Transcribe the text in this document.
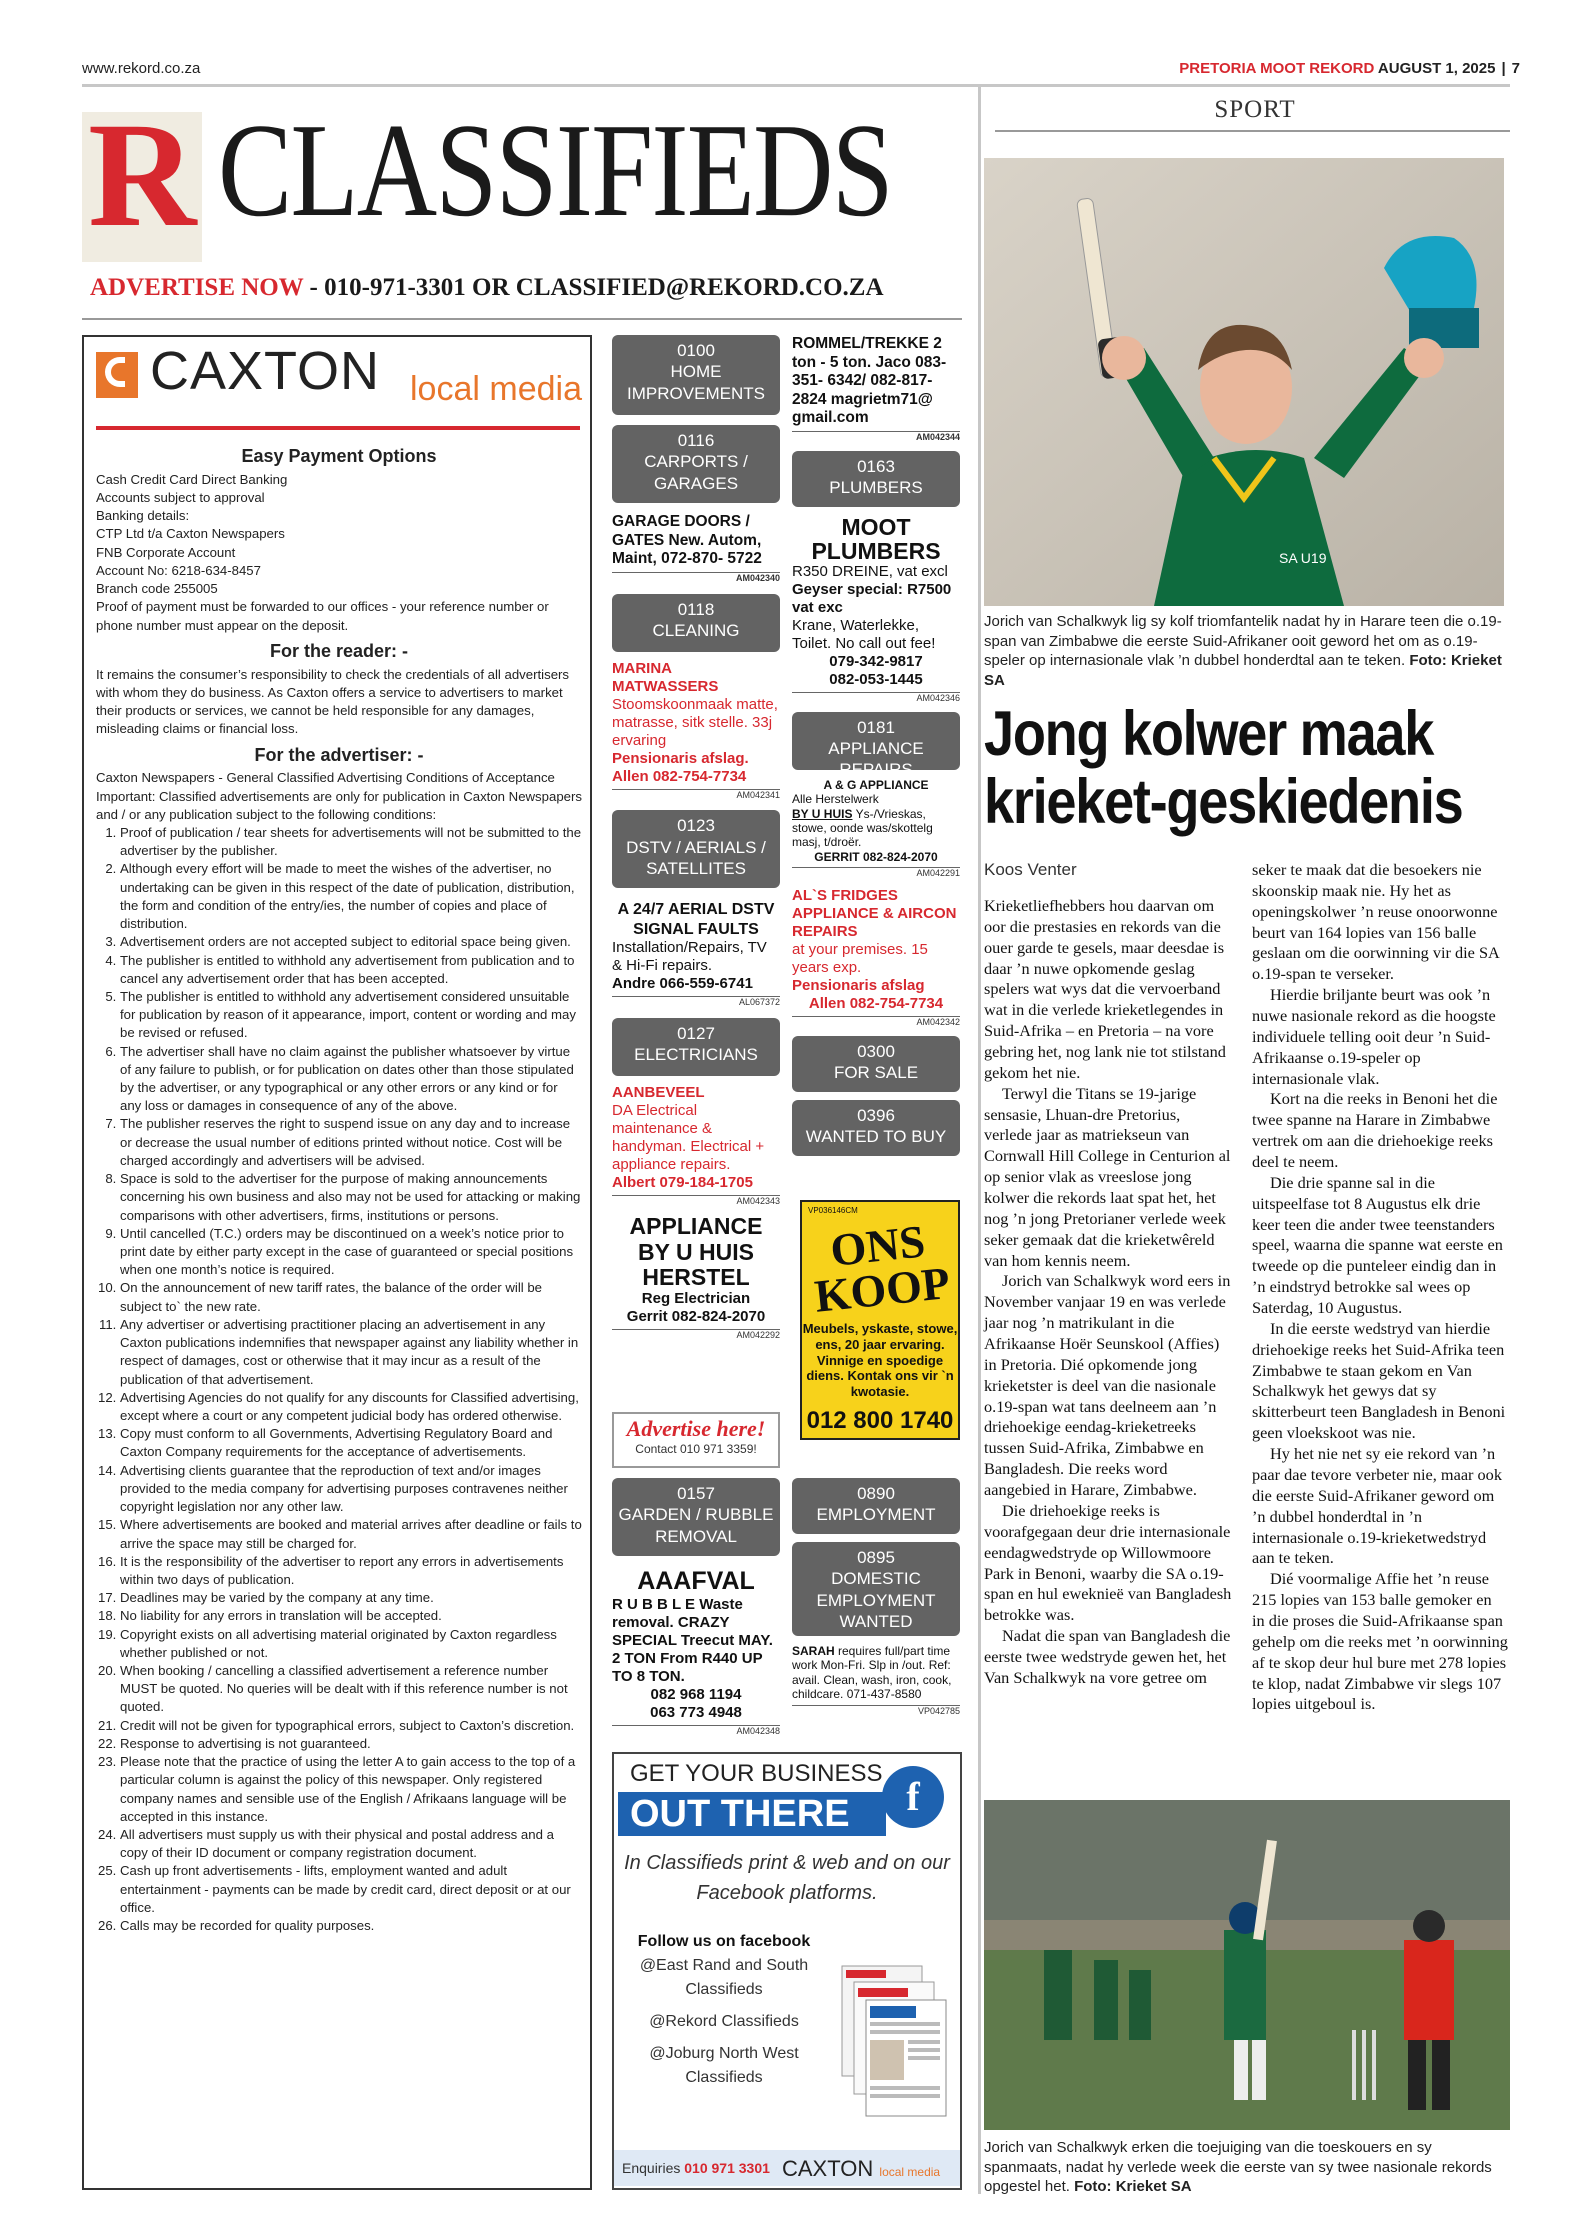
www.rekord.co.za	PRETORIA MOOT REKORD AUGUST 1, 2025 | 7
R CLASSIFIEDS
ADVERTISE NOW - 010-971-3301 OR CLASSIFIED@REKORD.CO.ZA
CAXTON local media
Easy Payment Options
Cash Credit Card Direct Banking
Accounts subject to approval
Banking details:
CTP Ltd t/a Caxton Newspapers
FNB Corporate Account
Account No: 6218-634-8457
Branch code 255005
Proof of payment must be forwarded to our offices - your reference number or phone number must appear on the deposit.
For the reader: -

It remains the consumer’s responsibility to check the credentials of all advertisers with whom they do business. As Caxton offers a service to advertisers to market their products or services, we cannot be held responsible for any damages, misleading claims or financial loss.

For the advertiser: -

Caxton Newspapers - General Classified Advertising Conditions of Acceptance Important: Classified advertisements are only for publication in Caxton Newspapers and / or any publication subject to the following conditions:

1. Proof of publication / tear sheets for advertisements will not be submitted to the advertiser by the publisher.
2. Although every effort will be made to meet the wishes of the advertiser, no undertaking can be given in this respect of the date of publication, distribution, the form and condition of the entry/ies, the number of copies and place of distribution.
3. Advertisement orders are not accepted subject to editorial space being given.
4. The publisher is entitled to withhold any advertisement from publication and to cancel any advertisement order that has been accepted.
5. The publisher is entitled to withhold any advertisement considered unsuitable for publication by reason of it appearance, import, content or wording and may be revised or refused.
6. The advertiser shall have no claim against the publisher whatsoever by virtue of any failure to publish, or for publication on dates other than those stipulated by the advertiser, or any typographical or any other errors or any kind or for any loss or damages in consequence of any of the above.
7. The publisher reserves the right to suspend issue on any day and to increase or decrease the usual number of editions printed without notice. Cost will be charged accordingly and advertisers will be advised.
8. Space is sold to the advertiser for the purpose of making announcements concerning his own business and also may not be used for attacking or making comparisons with other advertisers, firms, institutions or persons.
9. Until cancelled (T.C.) orders may be discontinued on a week’s notice prior to print date by either party except in the case of guaranteed or special positions when one month’s notice is required.
10. On the announcement of new tariff rates, the balance of the order will be subject to` the new rate.
11. Any advertiser or advertising practitioner placing an advertisement in any Caxton publications indemnifies that newspaper against any liability whether in respect of damages, cost or otherwise that it may incur as a result of the publication of that advertisement.
12. Advertising Agencies do not qualify for any discounts for Classified advertising, except where a court or any competent judicial body has ordered otherwise.
13. Copy must conform to all Governments, Advertising Regulatory Board and Caxton Company requirements for the acceptance of advertisements.
14. Advertising clients guarantee that the reproduction of text and/or images provided to the media company for advertising purposes contravenes neither copyright legislation nor any other law.
15. Where advertisements are booked and material arrives after deadline or fails to arrive the space may still be charged for.
16. It is the responsibility of the advertiser to report any errors in advertisements within two days of publication.
17. Deadlines may be varied by the company at any time.
18. No liability for any errors in translation will be accepted.
19. Copyright exists on all advertising material originated by Caxton regardless whether published or not.
20. When booking / cancelling a classified advertisement a reference number MUST be quoted. No queries will be dealt with if this reference number is not quoted.
21. Credit will not be given for typographical errors, subject to Caxton’s discretion.
22. Response to advertising is not guaranteed.
23. Please note that the practice of using the letter A to gain access to the top of a particular column is against the policy of this newspaper. Only registered company names and sensible use of the English / Afrikaans language will be accepted in this instance.
24. All advertisers must supply us with their physical and postal address and a copy of their ID document or company registration document.
25. Cash up front advertisements - lifts, employment wanted and adult entertainment - payments can be made by credit card, direct deposit or at our office.
26. Calls may be recorded for quality purposes.
0100
HOME IMPROVEMENTS
0116
CARPORTS / GARAGES
GARAGE DOORS / GATES New. Autom, Maint, 072-870- 5722
AM042340
0118
CLEANING
MARINA MATWASSERS
Stoomskoonmaak matte, matrasse, sitk stelle. 33j ervaring
Pensionaris afslag. Allen 082-754-7734
AM042341
0123
DSTV / AERIALS / SATELLITES
A 24/7 AERIAL DSTV SIGNAL FAULTS
Installation/Repairs, TV & Hi-Fi repairs.
Andre 066-559-6741
AL067372
0127
ELECTRICIANS
AANBEVEEL
DA Electrical maintenance & handyman. Electrical + appliance repairs.
Albert 079-184-1705
AM042343
APPLIANCE BY U HUIS HERSTEL
Reg Electrician
Gerrit 082-824-2070
AM042292
Advertise here!
Contact 010 971 3359!
0157
GARDEN / RUBBLE REMOVAL
AAAFVAL
R U B B L E Waste removal. CRAZY SPECIAL Treecut MAY. 2 TON From R440 UP TO 8 TON.
082 968 1194
063 773 4948
AM042348
ROMMEL/TREKKE 2 ton - 5 ton. Jaco 083-351- 6342/ 082-817-2824 magrietm71@ gmail.com
AM042344
0163
PLUMBERS
MOOT PLUMBERS
R350 DREINE, vat excl
Geyser special: R7500 vat exc
Krane, Waterlekke, Toilet. No call out fee!
079-342-9817
082-053-1445
AM042346
0181
APPLIANCE REPAIRS
A & G APPLIANCE
Alle Herstelwerk
BY U HUIS Ys-/Vrieskas, stowe, oonde was/skottelg masj, t/droër.
GERRIT 082-824-2070
AM042291
AL`S FRIDGES APPLIANCE & AIRCON REPAIRS
at your premises. 15 years exp.
Pensionaris afslag
Allen 082-754-7734
AM042342
0300
FOR SALE
0396
WANTED TO BUY
VP036146CM
ONS KOOP
Meubels, yskaste, stowe, ens, 20 jaar ervaring. Vinnige en spoedige diens. Kontak ons vir `n kwotasie.
012 800 1740
0890
EMPLOYMENT
0895
DOMESTIC EMPLOYMENT WANTED
SARAH requires full/part time work Mon-Fri. Slp in /out. Ref: avail. Clean, wash, iron, cook, childcare. 071-437-8580
VP042785
GET YOUR BUSINESS
OUT THERE	f
In Classifieds print & web and on our Facebook platforms.
Follow us on facebook
@East Rand and South Classifieds
@Rekord Classifieds
@Joburg North West Classifieds
Enquiries 010 971 3301 CAXTON local media
SPORT
SA U19
Jorich van Schalkwyk lig sy kolf triomfantelik nadat hy in Harare teen die o.19-span van Zimbabwe die eerste Suid-Afrikaner ooit geword het om as o.19-speler op internasionale vlak ’n dubbel honderdtal aan te teken. Foto: Krieket SA
Jong kolwer maak krieket-geskiedenis
Koos Venter

Krieketliefhebbers hou daarvan om oor die prestasies en rekords van die ouer garde te gesels, maar deesdae is daar ’n nuwe opkomende geslag spelers wat wys dat die vervoerband wat in die verlede krieketlegendes in Suid-Afrika – en Pretoria – na vore gebring het, nog lank nie tot stilstand gekom het nie.

Terwyl die Titans se 19-jarige sensasie, Lhuan-dre Pretorius, verlede jaar as matriekseun van Cornwall Hill College in Centurion al op senior vlak as vreeslose jong kolwer die rekords laat spat het, het nog ’n jong Pretorianer verlede week seker gemaak dat die krieketwêreld van hom kennis neem.

Jorich van Schalkwyk word eers in November vanjaar 19 en was verlede jaar nog ’n matrikulant in die Afrikaanse Hoër Seunskool (Affies) in Pretoria. Dié opkomende jong krieketster is deel van die nasionale o.19-span wat tans deelneem aan ’n driehoekige eendag-krieketreeks tussen Suid-Afrika, Zimbabwe en Bangladesh. Die reeks word aangebied in Harare, Zimbabwe.

Die driehoekige reeks is voorafgegaan deur drie internasionale eendagwedstryde op Willowmoore Park in Benoni, waarby die SA o.19-span en hul eweknieë van Bangladesh betrokke was.

Nadat die span van Bangladesh die eerste twee wedstryde gewen het, het Van Schalkwyk na vore getree om

seker te maak dat die besoekers nie skoonskip maak nie. Hy het as openingskolwer ’n reuse onoorwonne beurt van 164 lopies van 156 balle geslaan om die oorwinning vir die SA o.19-span te verseker.

Hierdie briljante beurt was ook ’n nuwe nasionale rekord as die hoogste individuele telling ooit deur ’n Suid-Afrikaanse o.19-speler op internasionale vlak.

Kort na die reeks in Benoni het die twee spanne na Harare in Zimbabwe vertrek om aan die driehoekige reeks deel te neem.

Die drie spanne sal in die uitspeelfase tot 8 Augustus elk drie keer teen die ander twee teenstanders speel, waarna die spanne wat eerste en tweede op die punteleer eindig dan in ’n eindstryd betrokke sal wees op Saterdag, 10 Augustus.

In die eerste wedstryd van hierdie driehoekige reeks het Suid-Afrika teen Zimbabwe te staan gekom en Van Schalkwyk het gewys dat sy skitterbeurt teen Bangladesh in Benoni geen vloekskoot was nie.

Hy het nie net sy eie rekord van ’n paar dae tevore verbeter nie, maar ook die eerste Suid-Afrikaner geword om ’n dubbel honderdtal in ’n internasionale o.19-krieketwedstryd aan te teken.

Dié voormalige Affie het ’n reuse 215 lopies van 153 balle gemoker en in die proses die Suid-Afrikaanse span gehelp om die reeks met ’n oorwinning af te skop deur hul bure met 278 lopies te klop, nadat Zimbabwe vir slegs 107 lopies uitgeboul is.

Jorich van Schalkwyk erken die toejuiging van die toeskouers en sy spanmaats, nadat hy verlede week die eerste van sy twee nasionale rekords opgestel het. Foto: Krieket SA
